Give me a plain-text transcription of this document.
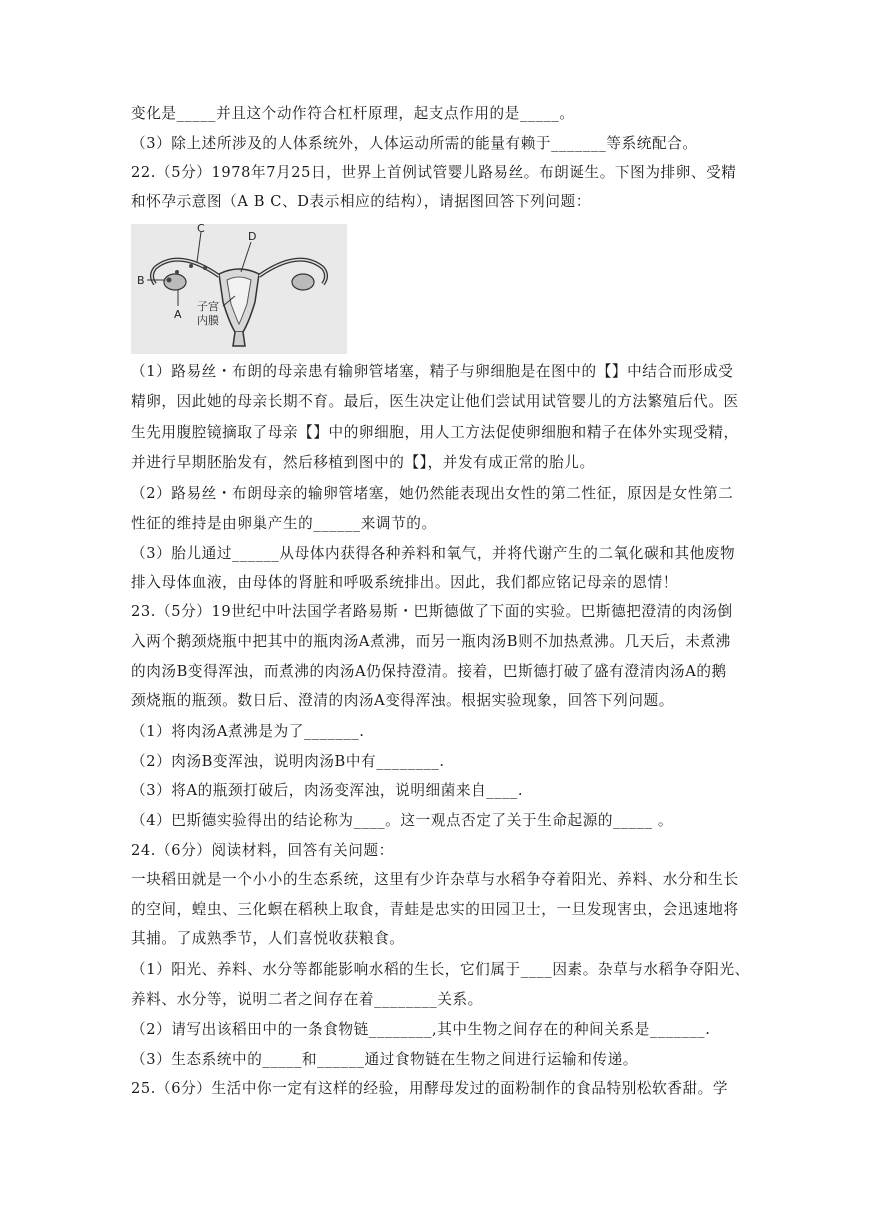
变化是_____并且这个动作符合杠杆原理，起支点作用的是_____。
（3）除上述所涉及的人体系统外，人体运动所需的能量有赖于_______等系统配合。
22.（5分）1978年7月25日，世界上首例试管婴儿路易丝。布朗诞生。下图为排卵、受精
和怀孕示意图（A B C、D表示相应的结构），请据图回答下列问题：
B
C
D
A
子宫
内膜
（1）路易丝・布朗的母亲患有输卵管堵塞，精子与卵细胞是在图中的【】中结合而形成受
精卵，因此她的母亲长期不育。最后，医生决定让他们尝试用试管婴儿的方法繁殖后代。医
生先用腹腔镜摘取了母亲【】中的卵细胞，用人工方法促使卵细胞和精子在体外实现受精，
并进行早期胚胎发有，然后移植到图中的【】，并发有成正常的胎儿。
（2）路易丝・布朗母亲的输卵管堵塞，她仍然能表现出女性的第二性征，原因是女性第二
性征的维持是由卵巢产生的______来调节的。
（3）胎儿通过______从母体内获得各种养料和氧气，并将代谢产生的二氧化碳和其他废物
排入母体血液，由母体的肾脏和呼吸系统排出。因此，我们都应铭记母亲的恩情！
23.（5分）19世纪中叶法国学者路易斯・巴斯德做了下面的实验。巴斯德把澄清的肉汤倒
入两个鹅颈烧瓶中把其中的瓶肉汤A煮沸，而另一瓶肉汤B则不加热煮沸。几天后，未煮沸
的肉汤B变得浑浊，而煮沸的肉汤A仍保持澄清。接着，巴斯德打破了盛有澄清肉汤A的鹅
颈烧瓶的瓶颈。数日后、澄清的肉汤A变得浑浊。根据实验现象，回答下列问题。
（1）将肉汤A煮沸是为了_______.
（2）肉汤B变浑浊，说明肉汤B中有________.
（3）将A的瓶颈打破后，肉汤变浑浊，说明细菌来自____.
（4）巴斯德实验得出的结论称为____。这一观点否定了关于生命起源的_____ 。
24.（6分）阅读材料，回答有关问题：
一块稻田就是一个小小的生态系统，这里有少许杂草与水稻争夺着阳光、养料、水分和生长
的空间，蝗虫、三化螟在稻秧上取食，青蛙是忠实的田园卫士，一旦发现害虫，会迅速地将
其捕。了成熟季节，人们喜悦收获粮食。
（1）阳光、养料、水分等都能影响水稻的生长，它们属于____因素。杂草与水稻争夺阳光、
养料、水分等，说明二者之间存在着________关系。
（2）请写出该稻田中的一条食物链________,其中生物之间存在的种间关系是_______.
（3）生态系统中的_____和______通过食物链在生物之间进行运输和传递。
25.（6分）生活中你一定有这样的经验，用酵母发过的面粉制作的食品特别松软香甜。学
